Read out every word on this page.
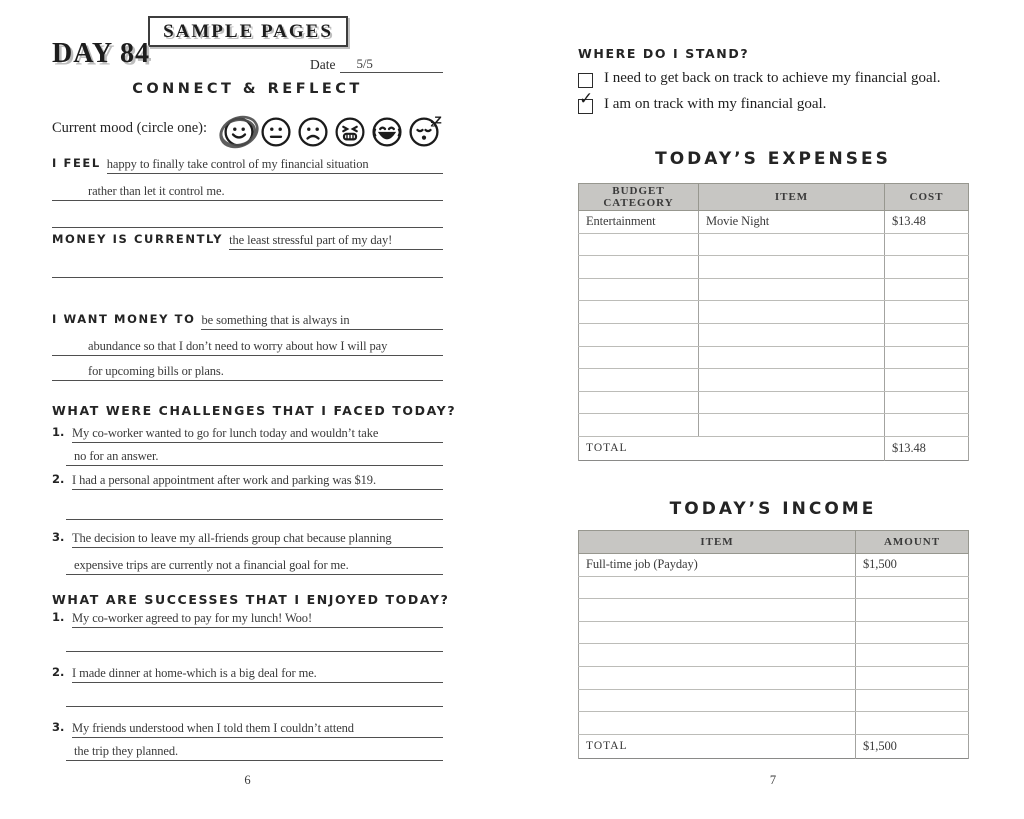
SAMPLE PAGES
DAY 84	Date	5/5
CONNECT & REFLECT
Current mood (circle one):	z Z
I FEEL happy to finally take control of my financial situation
rather than let it control me.
MONEY IS CURRENTLY the least stressful part of my day!
I WANT MONEY TO be something that is always in
abundance so that I don’t need to worry about how I will pay
for upcoming bills or plans.
WHAT WERE CHALLENGES THAT I FACED TODAY?
1. My co-worker wanted to go for lunch today and wouldn’t take
no for an answer.
2. I had a personal appointment after work and parking was $19.
3. The decision to leave my all-friends group chat because planning
expensive trips are currently not a financial goal for me.
WHAT ARE SUCCESSES THAT I ENJOYED TODAY?
1. My co-worker agreed to pay for my lunch! Woo!
2. I made dinner at home-which is a big deal for me.
3. My friends understood when I told them I couldn’t attend
the trip they planned.
6
WHERE DO I STAND?
I need to get back on track to achieve my financial goal.
✓ I am on track with my financial goal.
TODAY’S EXPENSES
BUDGET CATEGORY	ITEM	COST
Entertainment	Movie Night	$13.48

TOTAL		$13.48
TODAY’S INCOME
ITEM	AMOUNT
Full-time job (Payday)	$1,500

TOTAL	$1,500
7
